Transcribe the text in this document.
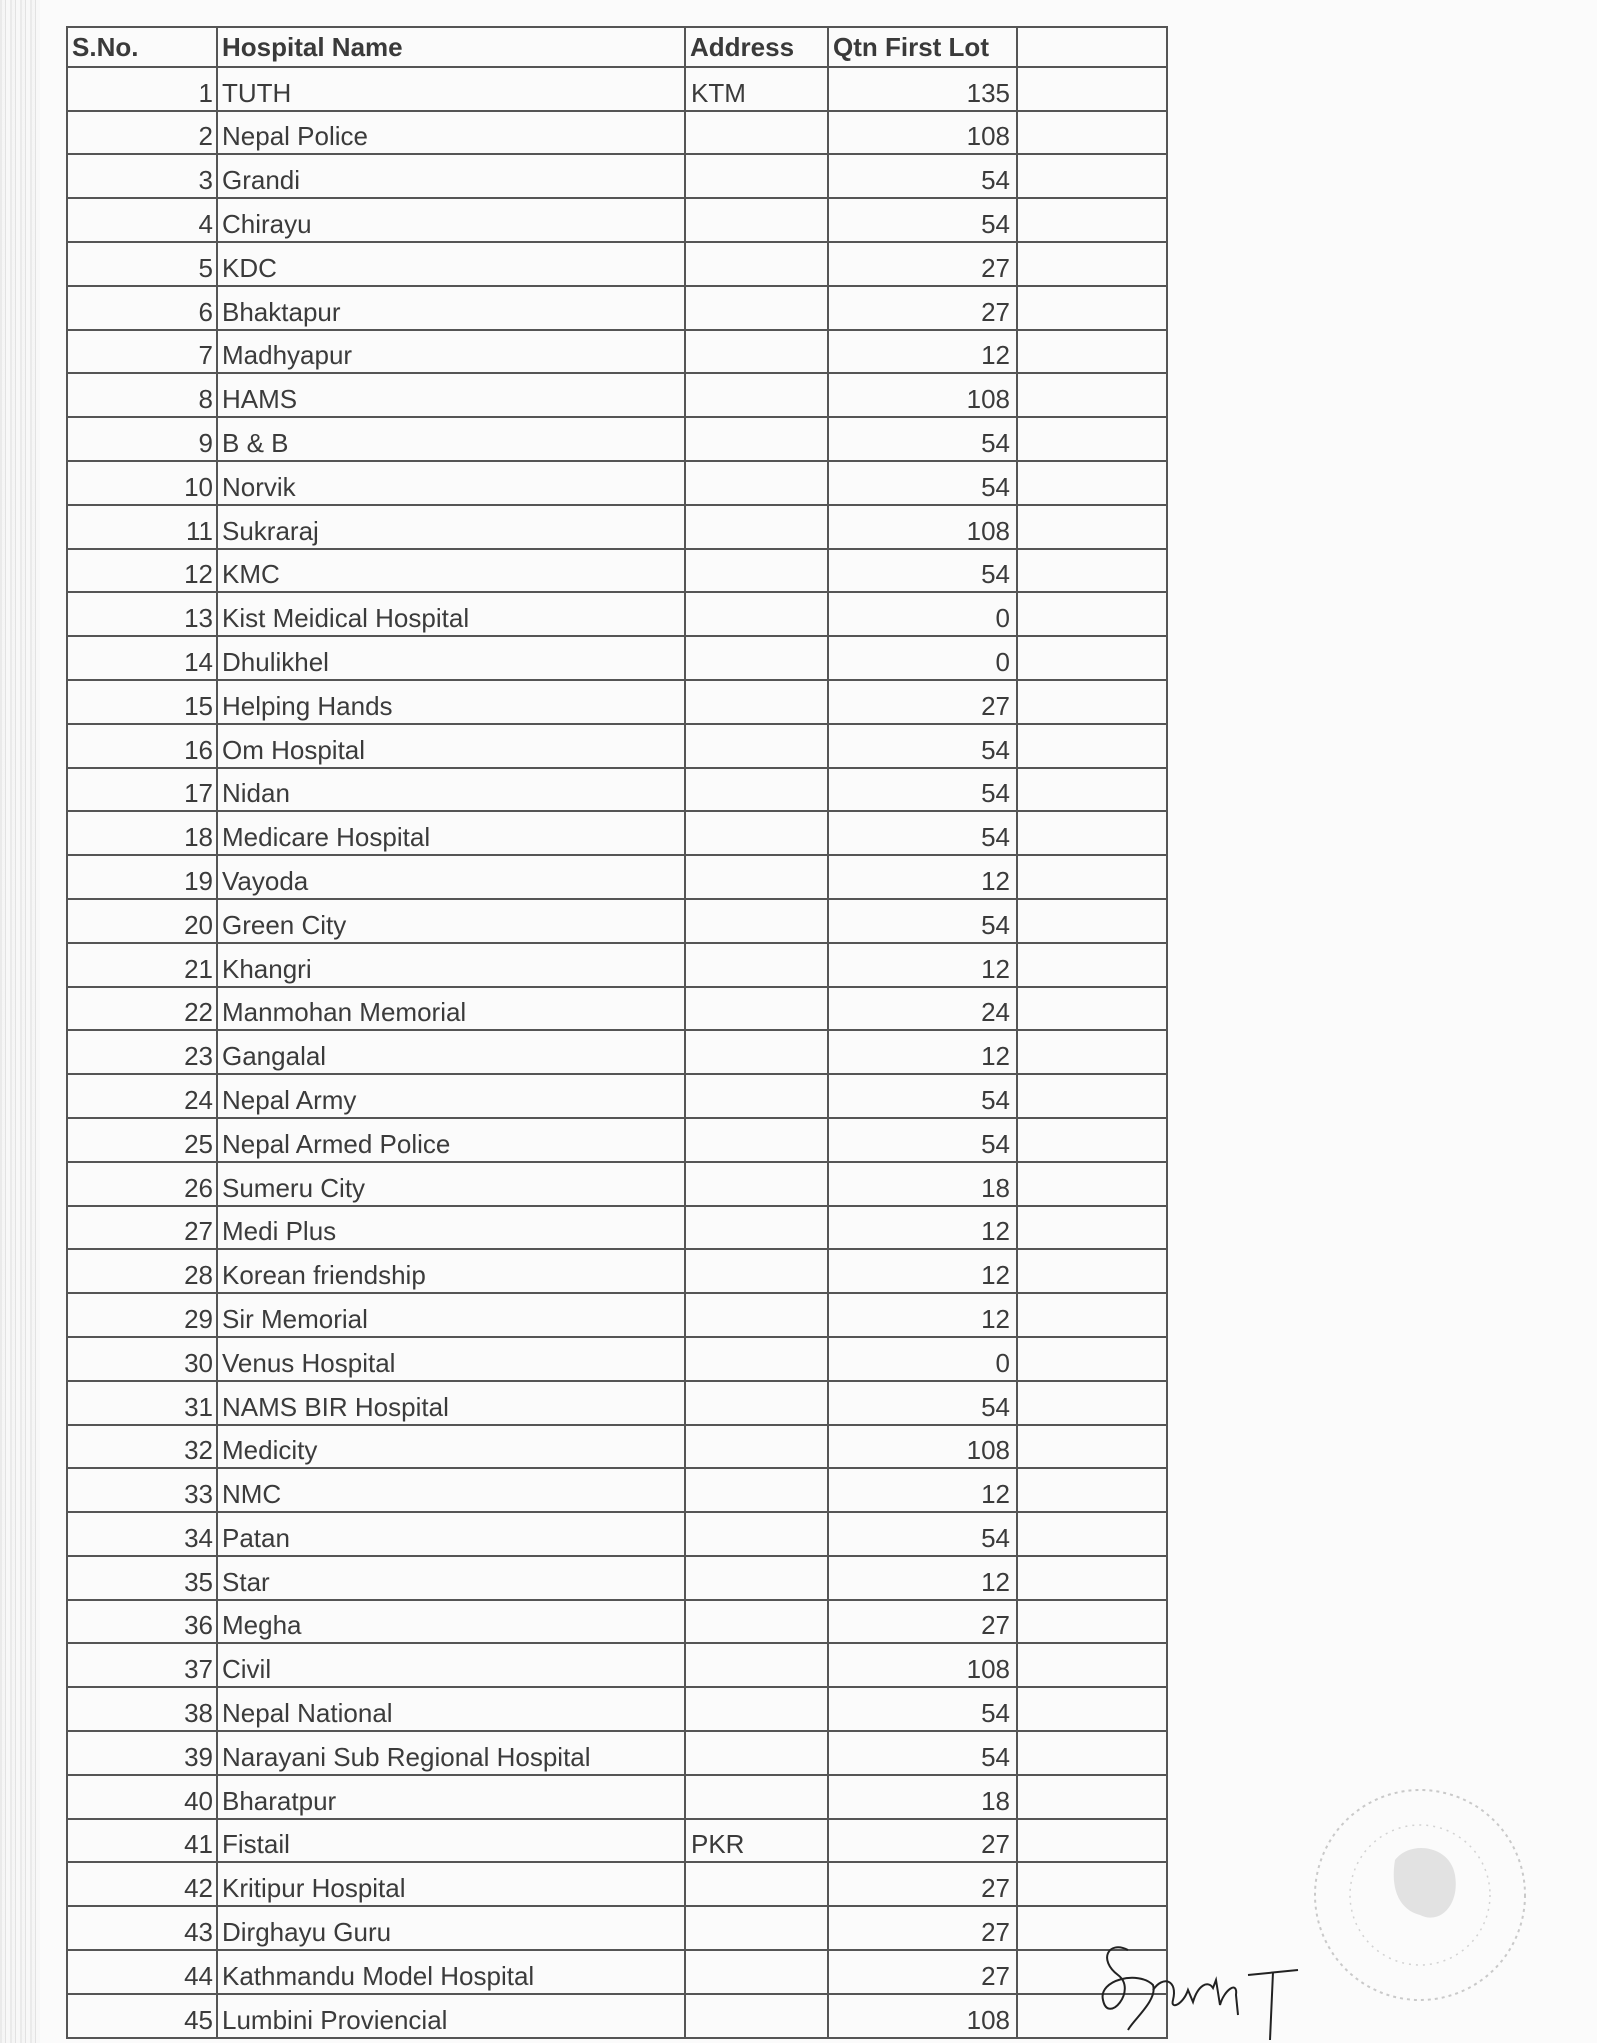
S.No.	Hospital Name	Address	Qtn First Lot	
1	TUTH	KTM	135	
2	Nepal Police		108	
3	Grandi		54	
4	Chirayu		54	
5	KDC		27	
6	Bhaktapur		27	
7	Madhyapur		12	
8	HAMS		108	
9	B & B		54	
10	Norvik		54	
11	Sukraraj		108	
12	KMC		54	
13	Kist Meidical Hospital		0	
14	Dhulikhel		0	
15	Helping Hands		27	
16	Om Hospital		54	
17	Nidan		54	
18	Medicare Hospital		54	
19	Vayoda		12	
20	Green City		54	
21	Khangri		12	
22	Manmohan Memorial		24	
23	Gangalal		12	
24	Nepal Army		54	
25	Nepal Armed Police		54	
26	Sumeru City		18	
27	Medi Plus		12	
28	Korean friendship		12	
29	Sir Memorial		12	
30	Venus Hospital		0	
31	NAMS BIR Hospital		54	
32	Medicity		108	
33	NMC		12	
34	Patan		54	
35	Star		12	
36	Megha		27	
37	Civil		108	
38	Nepal National		54	
39	Narayani Sub Regional Hospital		54	
40	Bharatpur		18	
41	Fistail	PKR	27	
42	Kritipur Hospital		27	
43	Dirghayu Guru		27	
44	Kathmandu Model Hospital		27	
45	Lumbini Proviencial		108	
